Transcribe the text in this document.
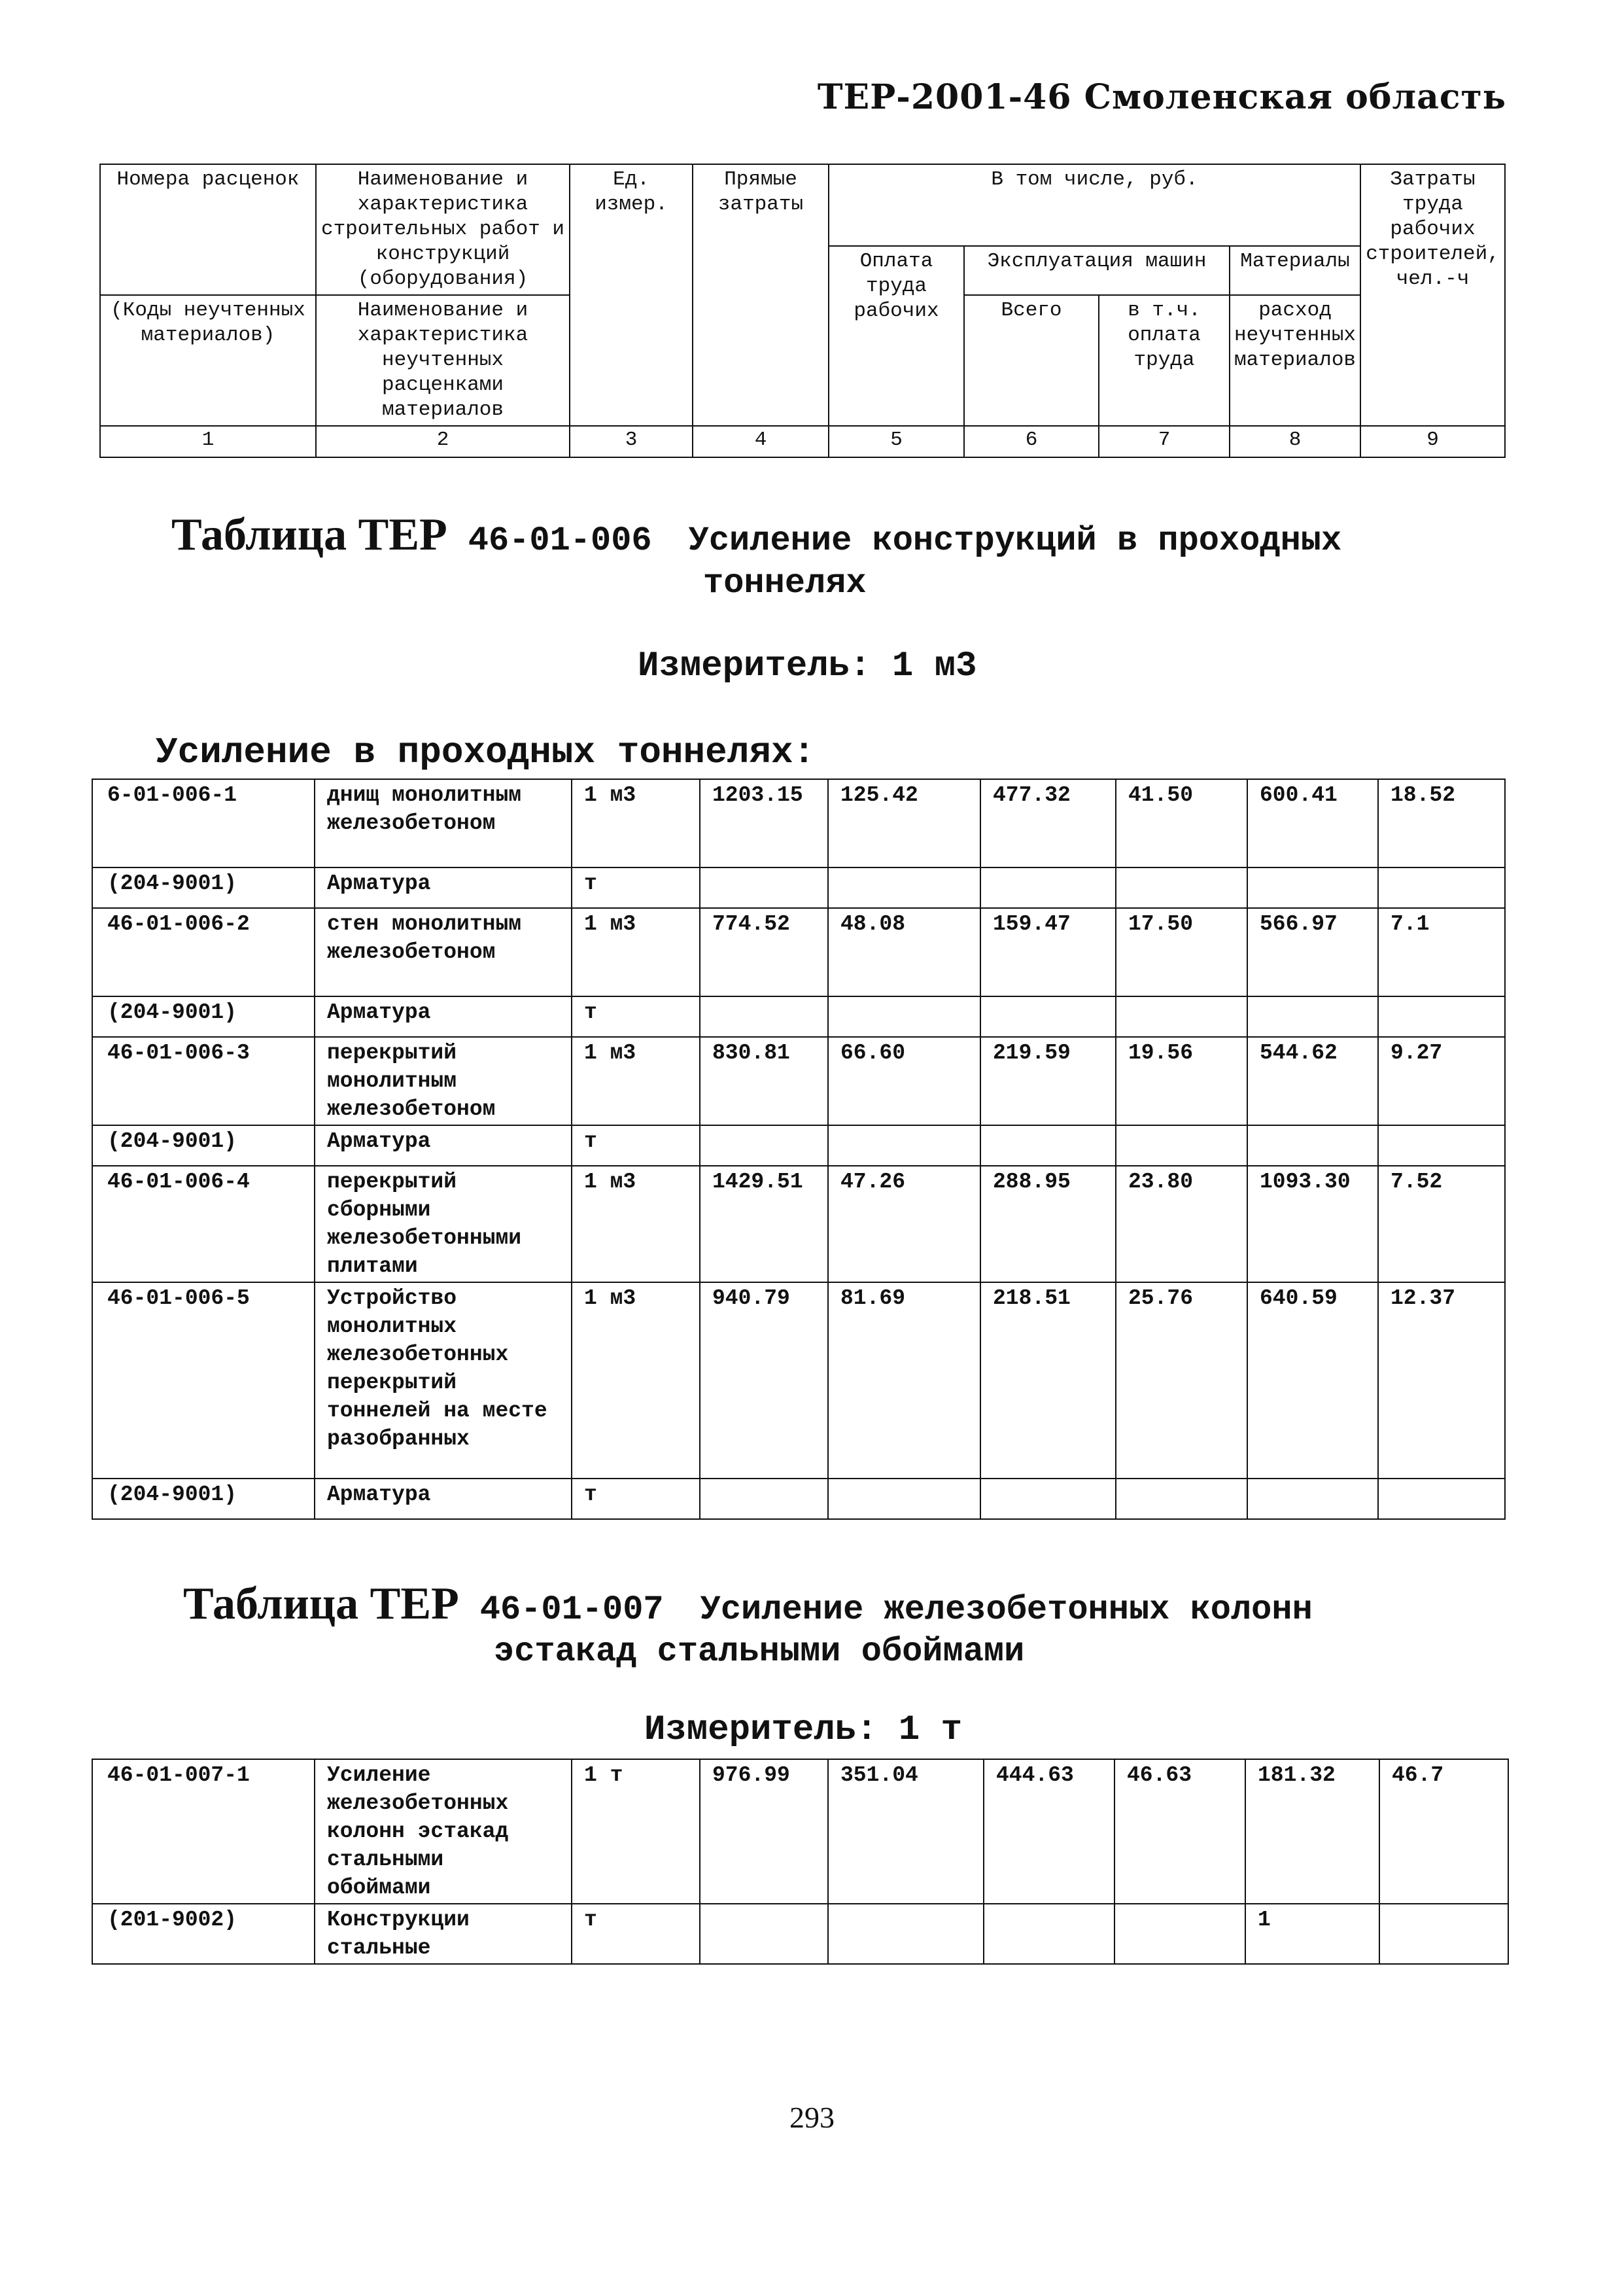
ТЕР-2001-46 Смоленская область
Номера расценок	Наименование и характеристика строительных работ и конструкций (оборудования)	Ед. измер.	Прямые затраты	В том числе, руб.				Затраты труда рабочих строителей, чел.-ч
				Оплата труда рабочих	Эксплуатация машин		Материалы	
(Коды неучтенных материалов)	Наименование и характеристика неучтенных расценками материалов				Всего	в т.ч. оплата труда	расход неучтенных материалов	
1	2	3	4	5	6	7	8	9
Таблица ТЕР 46-01-006 Усиление конструкций в проходных
тоннелях
Измеритель: 1 м3
Усиление в проходных тоннелях:
6-01-006-1	днищ монолитным железобетоном	1 м3	1203.15	125.42	477.32	41.50	600.41	18.52
(204-9001)	Арматура	т						
46-01-006-2	стен монолитным железобетоном	1 м3	774.52	48.08	159.47	17.50	566.97	7.1
(204-9001)	Арматура	т						
46-01-006-3	перекрытий монолитным железобетоном	1 м3	830.81	66.60	219.59	19.56	544.62	9.27
(204-9001)	Арматура	т						
46-01-006-4	перекрытий сборными железобетонными плитами	1 м3	1429.51	47.26	288.95	23.80	1093.30	7.52
46-01-006-5	Устройство монолитных железобетонных перекрытий тоннелей на месте разобранных	1 м3	940.79	81.69	218.51	25.76	640.59	12.37
(204-9001)	Арматура	т						
Таблица ТЕР 46-01-007 Усиление железобетонных колонн
эстакад стальными обоймами
Измеритель: 1 т
46-01-007-1	Усиление железобетонных колонн эстакад стальными обоймами	1 т	976.99	351.04	444.63	46.63	181.32	46.7
(201-9002)	Конструкции стальные	т					1	
293
